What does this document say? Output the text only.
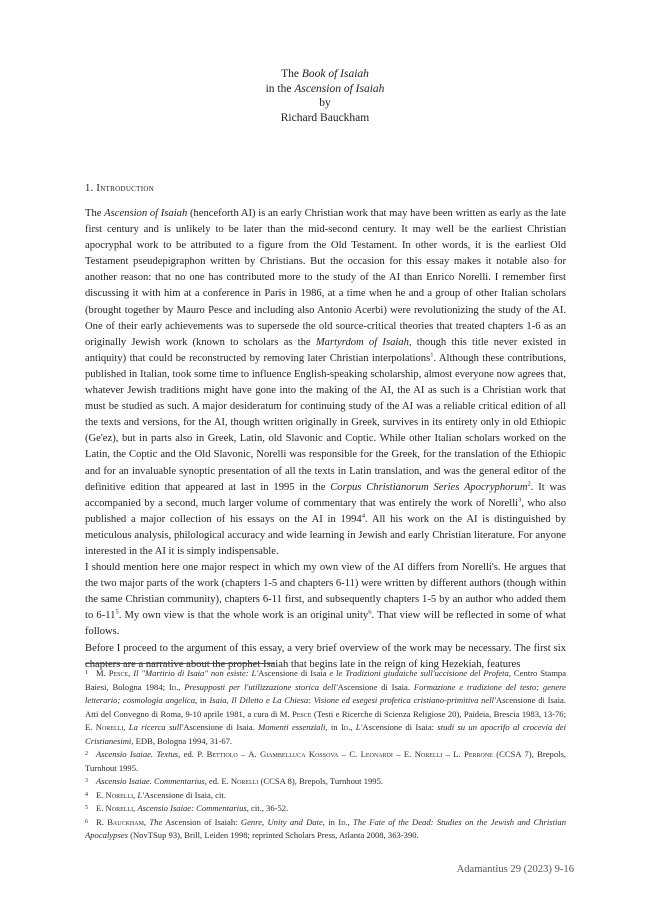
The Book of Isaiah
in the Ascension of Isaiah
by
Richard Bauckham
1. Introduction

The Ascension of Isaiah (henceforth AI) is an early Christian work that may have been written as early as the late first century and is unlikely to be later than the mid-second century. It may well be the earliest Christian apocryphal work to be attributed to a figure from the Old Testament. In other words, it is the earliest Old Testament pseudepigraphon written by Christians. But the occasion for this essay makes it notable also for another reason: that no one has contributed more to the study of the AI than Enrico Norelli. I remember first discussing it with him at a conference in Paris in 1986, at a time when he and a group of other Italian scholars (brought together by Mauro Pesce and including also Antonio Acerbi) were revolutionizing the study of the AI. One of their early achievements was to supersede the old source-critical theories that treated chapters 1-6 as an originally Jewish work (known to scholars as the Martyrdom of Isaiah, though this title never existed in antiquity) that could be reconstructed by removing later Christian interpolations$^1$. Although these contributions, published in Italian, took some time to influence English-speaking scholarship, almost everyone now agrees that, whatever Jewish traditions might have gone into the making of the AI, the AI as such is a Christian work that must be studied as such. A major desideratum for continuing study of the AI was a reliable critical edition of all the texts and versions, for the AI, though written originally in Greek, survives in its entirety only in old Ethiopic (Ge'ez), but in parts also in Greek, Latin, old Slavonic and Coptic. While other Italian scholars worked on the Latin, the Coptic and the Old Slavonic, Norelli was responsible for the Greek, for the translation of the Ethiopic and for an invaluable synoptic presentation of all the texts in Latin translation, and was the general editor of the definitive edition that appeared at last in 1995 in the Corpus Christianorum Series Apocryphorum$^2$. It was accompanied by a second, much larger volume of commentary that was entirely the work of Norelli$^3$, who also published a major collection of his essays on the AI in 1994$^4$. All his work on the AI is distinguished by meticulous analysis, philological accuracy and wide learning in Jewish and early Christian literature. For anyone interested in the AI it is simply indispensable.

I should mention here one major respect in which my own view of the AI differs from Norelli's. He argues that the two major parts of the work (chapters 1-5 and chapters 6-11) were written by different authors (though within the same Christian community), chapters 6-11 first, and subsequently chapters 1-5 by an author who added them to $6-11^5$. My own view is that the whole work is an original unity$^6$. That view will be reflected in some of what follows.

Before I proceed to the argument of this essay, a very brief overview of the work may be necessary. The first six chapters are a narrative about the prophet Isaiah that begins late in the reign of king Hezekiah, features

1 M. Pesce, Il "Martirio di Isaia" non esiste: L'Ascensione di Isaia e le Tradizioni giudaiche sull'uccisione del Profeta, Centro Stampa Baiesi, Bologna 1984; Id., Presupposti per l'utilizzazione storica dell'Ascensione di Isaia. Formazione e tradizione del testo; genere letterario; cosmologia angelica, in Isaia, Il Diletto e La Chiesa: Visione ed esegesi profetica cristiano-primitiva nell'Ascensione di Isaia. Atti del Convegno di Roma, 9-10 aprile 1981, a cura di M. Pesce (Testi e Ricerche di Scienza Religiose 20), Paideia, Brescia 1983, 13-76; E. Norelli, La ricerca sull'Ascensione di Isaia. Momenti essenziali, in Id., L'Ascensione di Isaia: studi su un apocrifo al crocevia dei Cristianesimi, EDB, Bologna 1994, 31-67.

2 Ascensio Isaiae. Textus, ed. P. Bettiolo – A. Giambelluca Kossova – C. Leonardi – E. Norelli – L. Perrone (CCSA 7), Brepols, Turnhout 1995.

3 Ascensio Isaiae. Commentarius, ed. E. Norelli (CCSA 8), Brepols, Turnhout 1995.

4 E. Norelli, L'Ascensione di Isaia, cit.

5 E. Norelli, Ascensio Isaiae: Commentarius, cit., 36-52.

6 R. Bauckham, The Ascension of Isaiah: Genre, Unity and Date, in Id., The Fate of the Dead: Studies on the Jewish and Christian Apocalypses (NovTSup 93), Brill, Leiden 1998; reprinted Scholars Press, Atlanta 2008, 363-390.

Adamantius 29 (2023) 9-16
